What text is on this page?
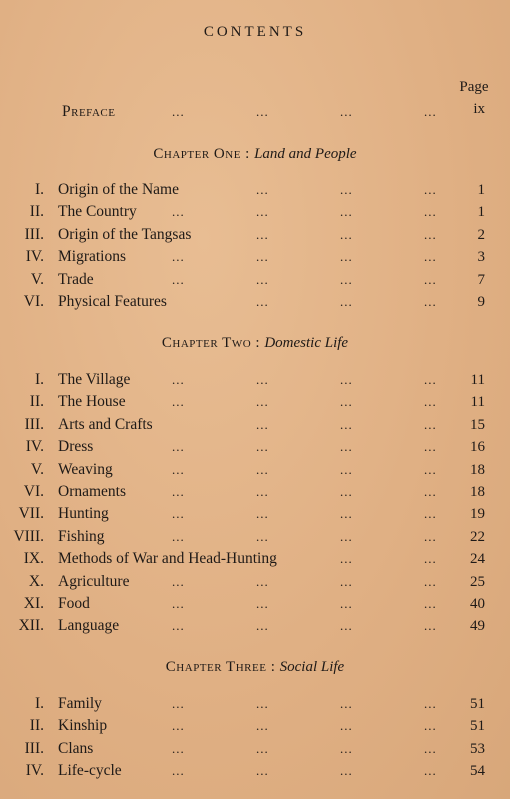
CONTENTS
Page
Preface	...	...	...	...	ix
Chapter One : Land and People
I. Origin of the Name	...	...	...	1
II. The Country	...	...	...	...	1
III. Origin of the Tangsas	...	...	...	2
IV. Migrations	...	...	...	...	3
V. Trade	...	...	...	...	7
VI. Physical Features	...	...	...	9
Chapter Two : Domestic Life
I. The Village	...	...	...	...	11
II. The House	...	...	...	...	11
III. Arts and Crafts	...	...	...	15
IV. Dress	...	...	...	...	16
V. Weaving	...	...	...	...	18
VI. Ornaments	...	...	...	...	18
VII. Hunting	...	...	...	...	19
VIII. Fishing	...	...	...	...	22
IX. Methods of War and Head-Hunting	...	...	24
X. Agriculture	...	...	...	...	25
XI. Food	...	...	...	...	40
XII. Language	...	...	...	...	49
Chapter Three : Social Life
I. Family	...	...	...	...	51
II. Kinship	...	...	...	...	51
III. Clans	...	...	...	...	53
IV. Life-cycle	...	...	...	...	54
